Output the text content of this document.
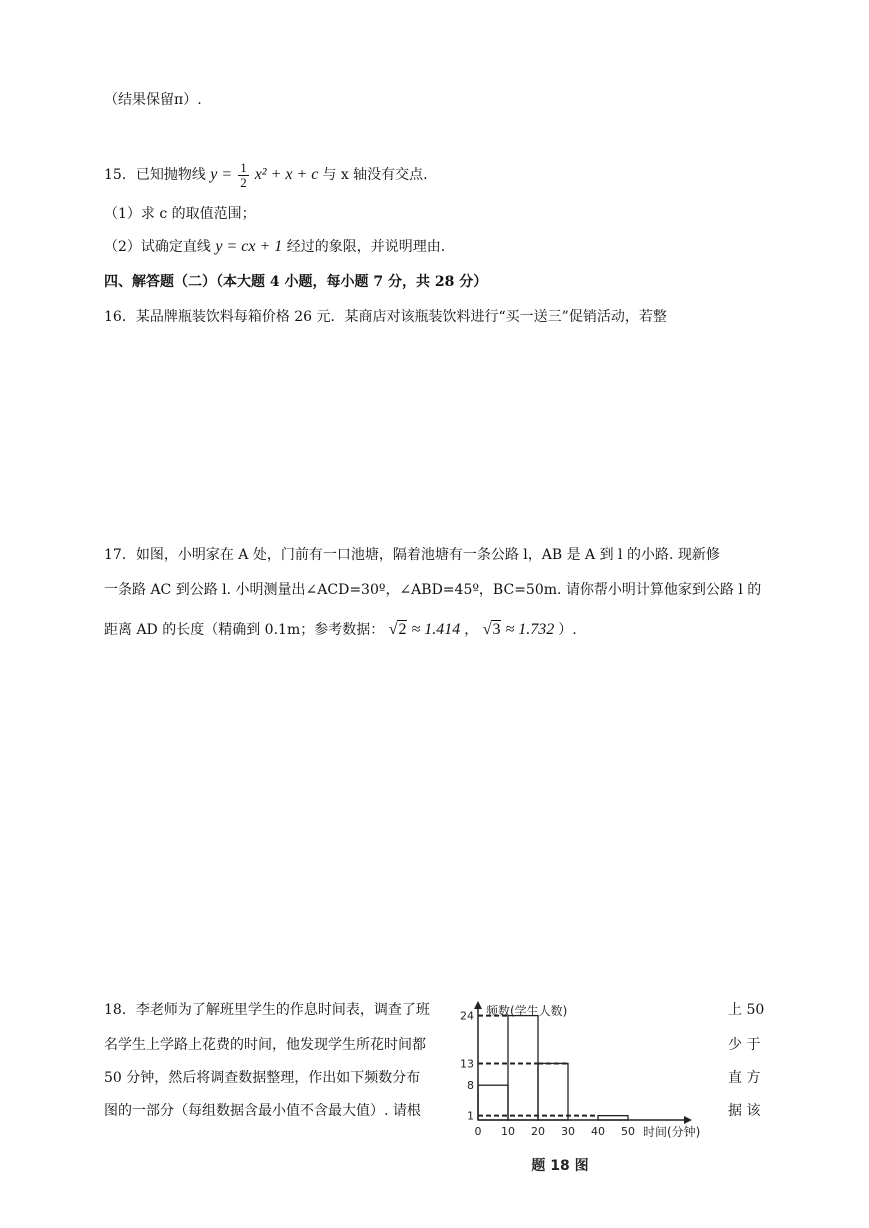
（结果保留π）.
15．已知抛物线 $y = \frac{1}{2} x^2 + x + c$ 与 x 轴没有交点.
（1）求 c 的取值范围；
（2）试确定直线 y = cx + 1 经过的象限，并说明理由.
四、解答题（二）（本大题 4 小题，每小题 7 分，共 28 分）
16．某品牌瓶装饮料每箱价格 26 元．某商店对该瓶装饮料进行“买一送三”促销活动，若整
17．如图，小明家在 A 处，门前有一口池塘，隔着池塘有一条公路 l，AB 是 A 到 l 的小路. 现新修
一条路 AC 到公路 l. 小明测量出∠ACD=30º，∠ABD=45º，BC=50m. 请你帮小明计算他家到公路 l 的
距离 AD 的长度（精确到 0.1m；参考数据： √2 ≈ 1.414 ， √3 ≈ 1.732 ）.
18．李老师为了解班里学生的作息时间表，调查了班
名学生上学路上花费的时间，他发现学生所花时间都
50 分钟，然后将调查数据整理，作出如下频数分布
图的一部分（每组数据含最小值不含最大值）. 请根
上 50
少 于
直 方
据 该
1
8
13
24
0 10 20 30 40 50
频数(学生人数)
时间(分钟)
题 18 图
